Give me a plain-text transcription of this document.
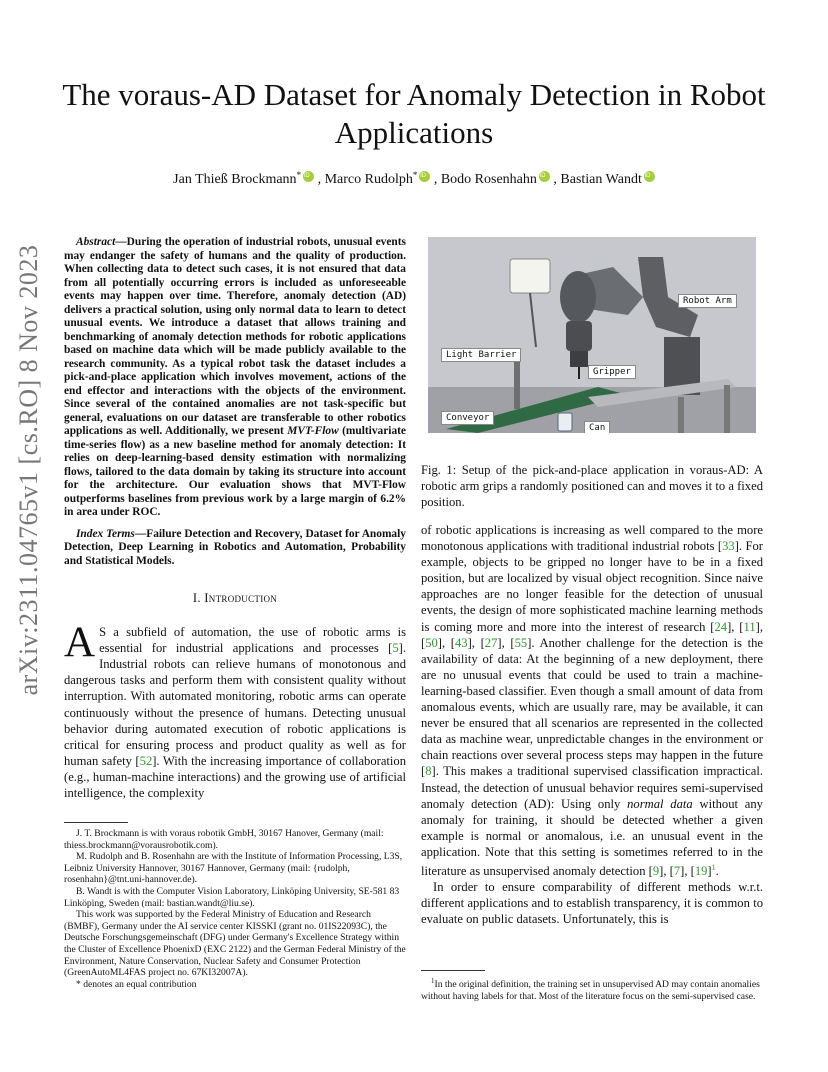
The voraus-AD Dataset for Anomaly Detection in Robot Applications
Jan Thieß Brockmann*iD , Marco Rudolph*iD , Bodo RosenhahniD , Bastian WandtiD
arXiv:2311.04765v1 [cs.RO] 8 Nov 2023

Abstract—During the operation of industrial robots, unusual events may endanger the safety of humans and the quality of production. When collecting data to detect such cases, it is not ensured that data from all potentially occurring errors is included as unforeseeable events may happen over time. Therefore, anomaly detection (AD) delivers a practical solution, using only normal data to learn to detect unusual events. We introduce a dataset that allows training and benchmarking of anomaly detection methods for robotic applications based on machine data which will be made publicly available to the research community. As a typical robot task the dataset includes a pick-and-place application which involves movement, actions of the end effector and interactions with the objects of the environment. Since several of the contained anomalies are not task-specific but general, evaluations on our dataset are transferable to other robotics applications as well. Additionally, we present MVT-Flow (multivariate time-series flow) as a new baseline method for anomaly detection: It relies on deep-learning-based density estimation with normalizing flows, tailored to the data domain by taking its structure into account for the architecture. Our evaluation shows that MVT-Flow outperforms baselines from previous work by a large margin of 6.2% in area under ROC.

Index Terms—Failure Detection and Recovery, Dataset for Anomaly Detection, Deep Learning in Robotics and Automation, Probability and Statistical Models.

I. Introduction

A S a subfield of automation, the use of robotic arms is essential for industrial applications and processes [5]. Industrial robots can relieve humans of monotonous and dangerous tasks and perform them with consistent quality without interruption. With automated monitoring, robotic arms can operate continuously without the presence of humans. Detecting unusual behavior during automated execution of robotic applications is critical for ensuring process and product quality as well as for human safety [52]. With the increasing importance of collaboration (e.g., human-machine interactions) and the growing use of artificial intelligence, the complexity

J. T. Brockmann is with voraus robotik GmbH, 30167 Hanover, Germany (mail: thiess.brockmann@vorausrobotik.com).

M. Rudolph and B. Rosenhahn are with the Institute of Information Processing, L3S, Leibniz University Hannover, 30167 Hannover, Germany (mail: {rudolph, rosenhahn}@tnt.uni-hannover.de).

B. Wandt is with the Computer Vision Laboratory, Linköping University, SE-581 83 Linköping, Sweden (mail: bastian.wandt@liu.se).

This work was supported by the Federal Ministry of Education and Research (BMBF), Germany under the AI service center KISSKI (grant no. 01IS22093C), the Deutsche Forschungsgemeinschaft (DFG) under Germany's Excellence Strategy within the Cluster of Excellence PhoenixD (EXC 2122) and the German Federal Ministry of the Environment, Nature Conservation, Nuclear Safety and Consumer Protection (GreenAutoML4FAS project no. 67KI32007A).

* denotes an equal contribution

Robot Arm
Light Barrier
Gripper
Conveyor
Can
Fig. 1: Setup of the pick-and-place application in voraus-AD: A robotic arm grips a randomly positioned can and moves it to a fixed position.

of robotic applications is increasing as well compared to the more monotonous applications with traditional industrial robots [33]. For example, objects to be gripped no longer have to be in a fixed position, but are localized by visual object recognition. Since naive approaches are no longer feasible for the detection of unusual events, the design of more sophisticated machine learning methods is coming more and more into the interest of research [24], [11], [50], [43], [27], [55]. Another challenge for the detection is the availability of data: At the beginning of a new deployment, there are no unusual events that could be used to train a machine-learning-based classifier. Even though a small amount of data from anomalous events, which are usually rare, may be available, it can never be ensured that all scenarios are represented in the collected data as machine wear, unpredictable changes in the environment or chain reactions over several process steps may happen in the future [8]. This makes a traditional supervised classification impractical. Instead, the detection of unusual behavior requires semi-supervised anomaly detection (AD): Using only normal data without any anomaly for training, it should be detected whether a given example is normal or anomalous, i.e. an unusual event in the application. Note that this setting is sometimes referred to in the literature as unsupervised anomaly detection [9], [7], [19]$^1$.

In order to ensure comparability of different methods w.r.t. different applications and to establish transparency, it is common to evaluate on public datasets. Unfortunately, this is

$^1$In the original definition, the training set in unsupervised AD may contain anomalies without having labels for that. Most of the literature focus on the semi-supervised case.
